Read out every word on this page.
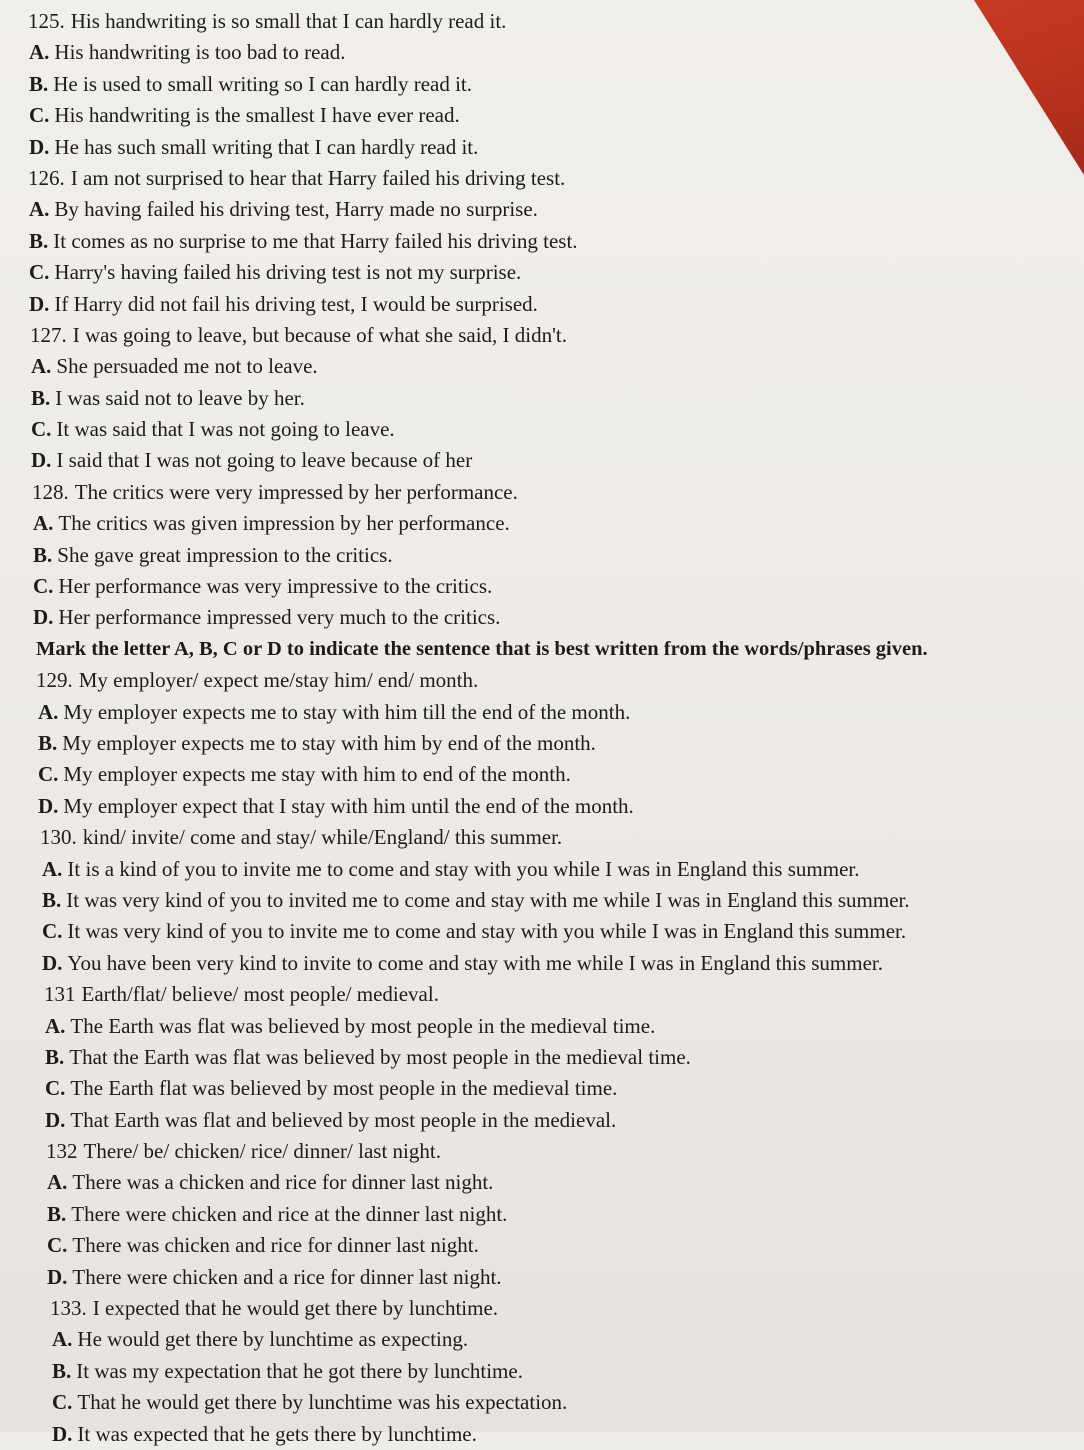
125. His handwriting is so small that I can hardly read it.
A. His handwriting is too bad to read.
B. He is used to small writing so I can hardly read it.
C. His handwriting is the smallest I have ever read.
D. He has such small writing that I can hardly read it.
126. I am not surprised to hear that Harry failed his driving test.
A. By having failed his driving test, Harry made no surprise.
B. It comes as no surprise to me that Harry failed his driving test.
C. Harry's having failed his driving test is not my surprise.
D. If Harry did not fail his driving test, I would be surprised.
127. I was going to leave, but because of what she said, I didn't.
A. She persuaded me not to leave.
B. I was said not to leave by her.
C. It was said that I was not going to leave.
D. I said that I was not going to leave because of her
128. The critics were very impressed by her performance.
A. The critics was given impression by her performance.
B. She gave great impression to the critics.
C. Her performance was very impressive to the critics.
D. Her performance impressed very much to the critics.
Mark the letter A, B, C or D to indicate the sentence that is best written from the words/phrases given.
129. My employer/ expect me/stay him/ end/ month.
A. My employer expects me to stay with him till the end of the month.
B. My employer expects me to stay with him by end of the month.
C. My employer expects me stay with him to end of the month.
D. My employer expect that I stay with him until the end of the month.
130. kind/ invite/ come and stay/ while/England/ this summer.
A. It is a kind of you to invite me to come and stay with you while I was in England this summer.
B. It was very kind of you to invited me to come and stay with me while I was in England this summer.
C. It was very kind of you to invite me to come and stay with you while I was in England this summer.
D. You have been very kind to invite to come and stay with me while I was in England this summer.
131 Earth/flat/ believe/ most people/ medieval.
A. The Earth was flat was believed by most people in the medieval time.
B. That the Earth was flat was believed by most people in the medieval time.
C. The Earth flat was believed by most people in the medieval time.
D. That Earth was flat and believed by most people in the medieval.
132 There/ be/ chicken/ rice/ dinner/ last night.
A. There was a chicken and rice for dinner last night.
B. There were chicken and rice at the dinner last night.
C. There was chicken and rice for dinner last night.
D. There were chicken and a rice for dinner last night.
133. I expected that he would get there by lunchtime.
A. He would get there by lunchtime as expecting.
B. It was my expectation that he got there by lunchtime.
C. That he would get there by lunchtime was his expectation.
D. It was expected that he gets there by lunchtime.
